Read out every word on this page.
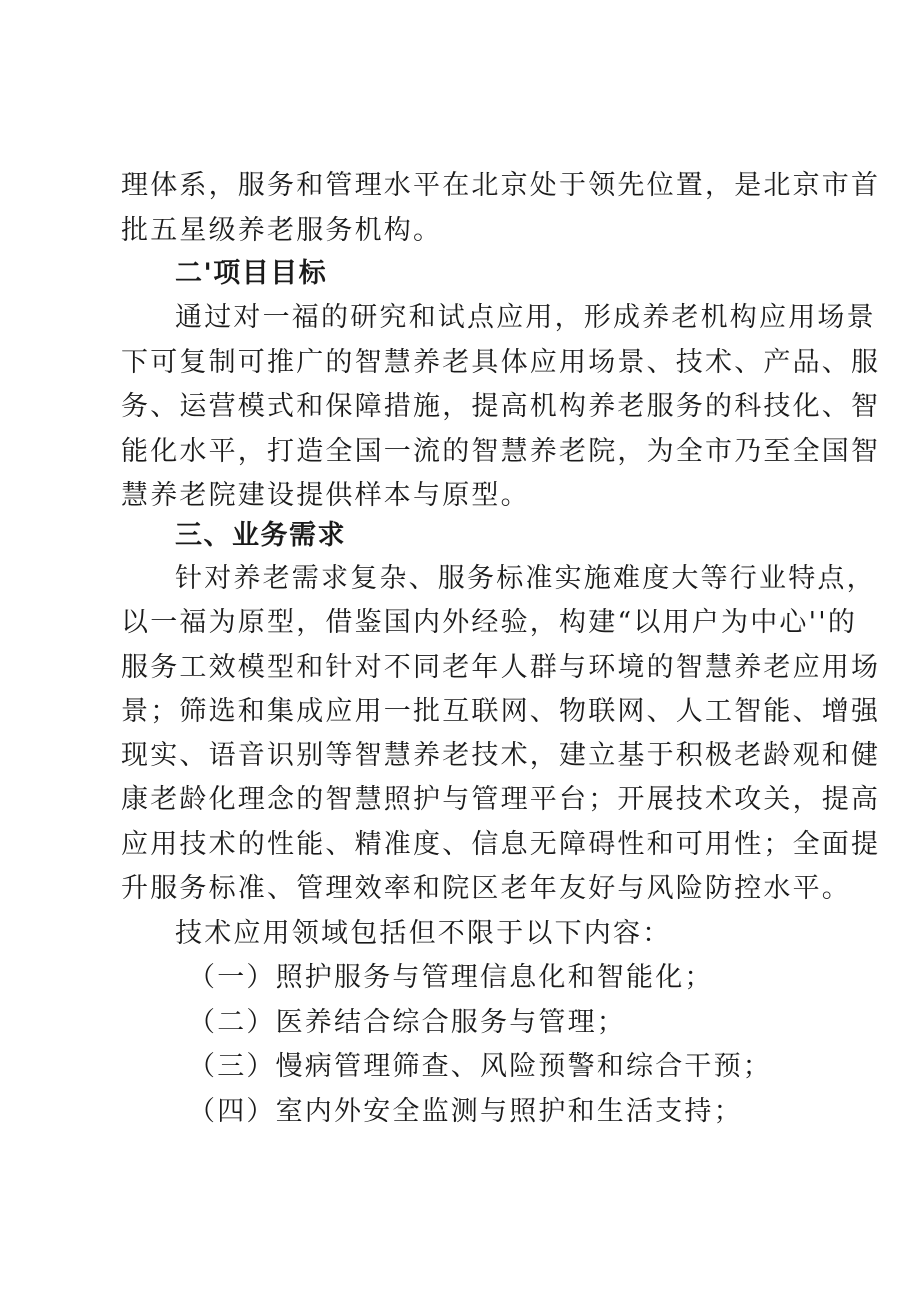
理体系，服务和管理水平在北京处于领先位置，是北京市首
批五星级养老服务机构。
二'项目目标
通过对一福的研究和试点应用，形成养老机构应用场景
下可复制可推广的智慧养老具体应用场景、技术、产品、服
务、运营模式和保障措施，提高机构养老服务的科技化、智
能化水平，打造全国一流的智慧养老院，为全市乃至全国智
慧养老院建设提供样本与原型。
三、业务需求
针对养老需求复杂、服务标准实施难度大等行业特点，
以一福为原型，借鉴国内外经验，构建“以用户为中心''的
服务工效模型和针对不同老年人群与环境的智慧养老应用场
景；筛选和集成应用一批互联网、物联网、人工智能、增强
现实、语音识别等智慧养老技术，建立基于积极老龄观和健
康老龄化理念的智慧照护与管理平台；开展技术攻关，提高
应用技术的性能、精准度、信息无障碍性和可用性；全面提
升服务标准、管理效率和院区老年友好与风险防控水平。
技术应用领域包括但不限于以下内容：
（一）照护服务与管理信息化和智能化；
（二）医养结合综合服务与管理；
（三）慢病管理筛查、风险预警和综合干预；
（四）室内外安全监测与照护和生活支持；
